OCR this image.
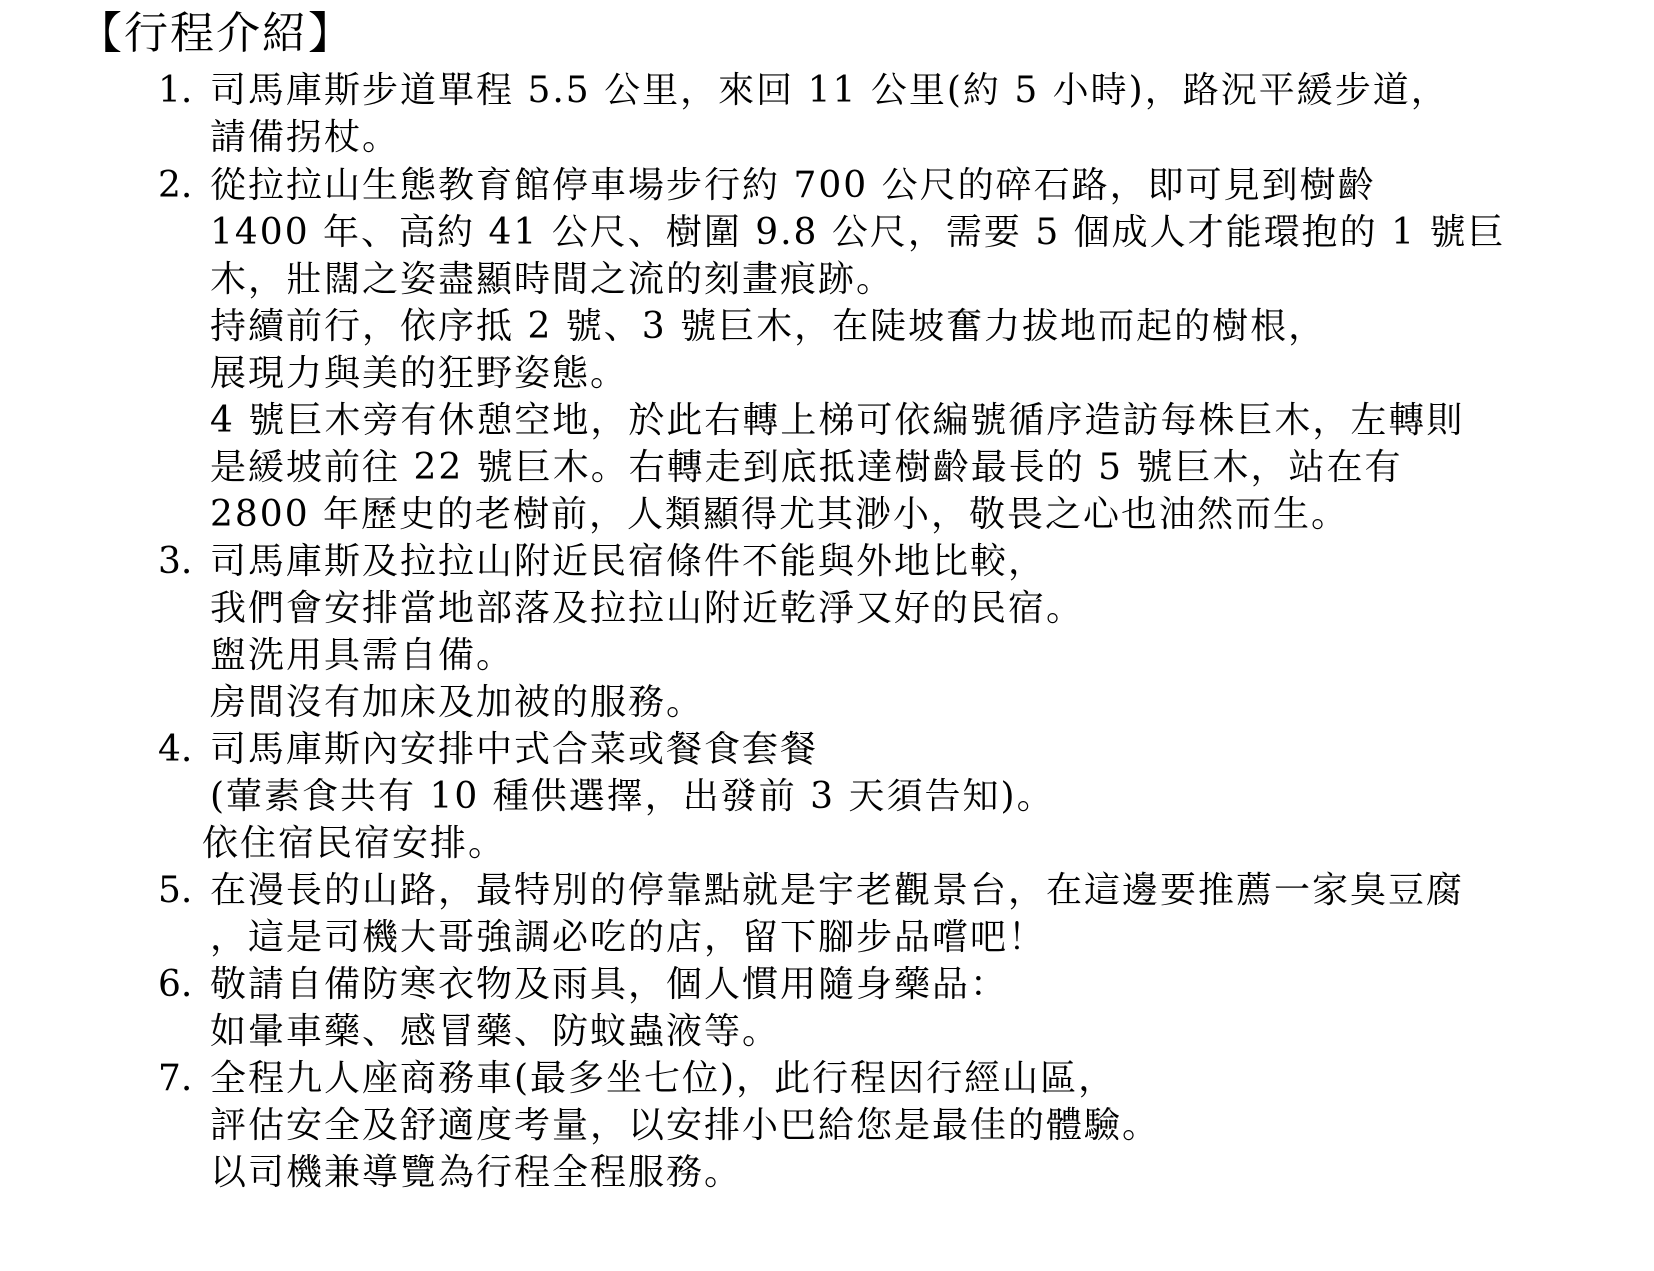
【行程介紹】
1. 司馬庫斯步道單程 5.5 公里，來回 11 公里(約 5 小時)，路況平緩步道，
請備拐杖。
2. 從拉拉山生態教育館停車場步行約 700 公尺的碎石路，即可見到樹齡
1400 年、高約 41 公尺、樹圍 9.8 公尺，需要 5 個成人才能環抱的 1 號巨
木，壯闊之姿盡顯時間之流的刻畫痕跡。
持續前行，依序抵 2 號、3 號巨木，在陡坡奮力拔地而起的樹根，
展現力與美的狂野姿態。
4 號巨木旁有休憩空地，於此右轉上梯可依編號循序造訪每株巨木，左轉則
是緩坡前往 22 號巨木。右轉走到底抵達樹齡最長的 5 號巨木，站在有
2800 年歷史的老樹前，人類顯得尤其渺小，敬畏之心也油然而生。
3. 司馬庫斯及拉拉山附近民宿條件不能與外地比較，
我們會安排當地部落及拉拉山附近乾淨又好的民宿。
盥洗用具需自備。
房間沒有加床及加被的服務。
4. 司馬庫斯內安排中式合菜或餐食套餐
(葷素食共有 10 種供選擇，出發前 3 天須告知)。
依住宿民宿安排。
5. 在漫長的山路，最特別的停靠點就是宇老觀景台，在這邊要推薦一家臭豆腐
，這是司機大哥強調必吃的店，留下腳步品嚐吧！
6. 敬請自備防寒衣物及雨具，個人慣用隨身藥品：
如暈車藥、感冒藥、防蚊蟲液等。
7. 全程九人座商務車(最多坐七位)，此行程因行經山區，
評估安全及舒適度考量，以安排小巴給您是最佳的體驗。
以司機兼導覽為行程全程服務。
